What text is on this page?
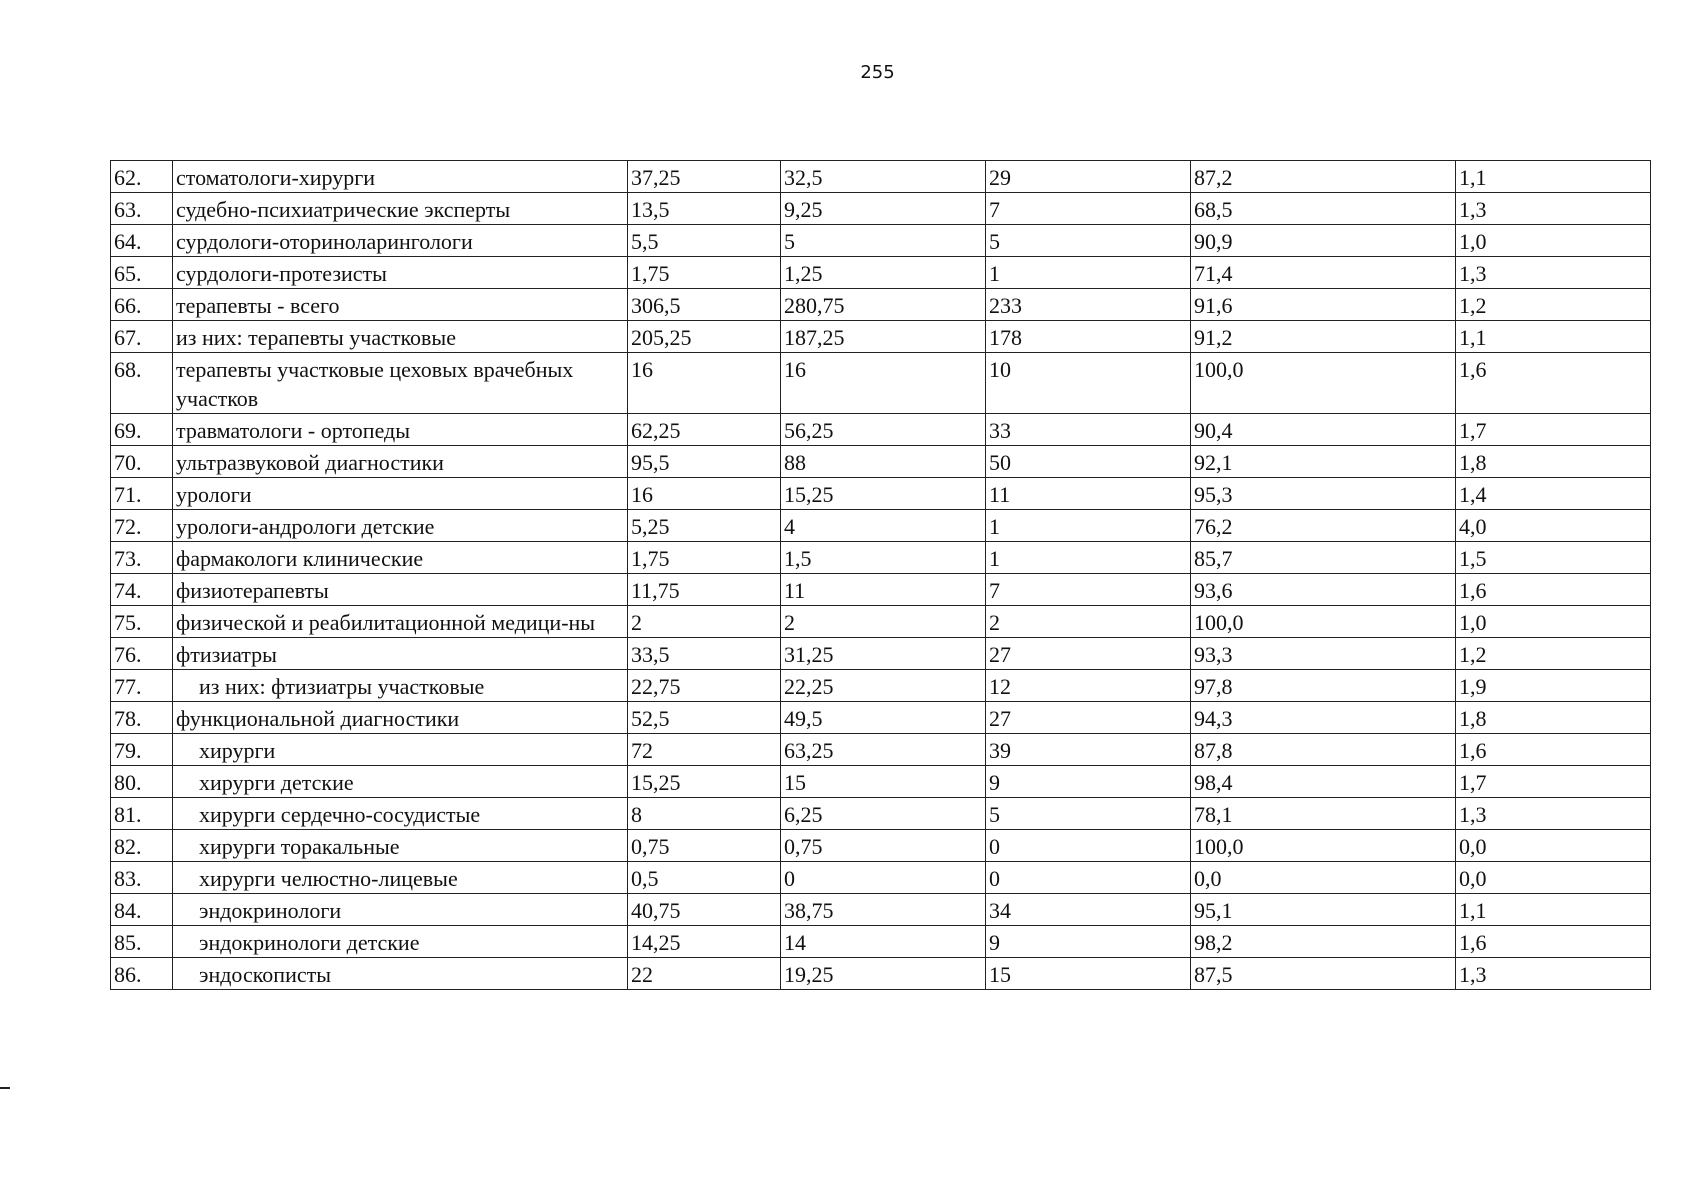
255
62.	стоматологи-хирурги	37,25	32,5	29	87,2	1,1
63.	судебно-психиатрические эксперты	13,5	9,25	7	68,5	1,3
64.	сурдологи-оториноларингологи	5,5	5	5	90,9	1,0
65.	сурдологи-протезисты	1,75	1,25	1	71,4	1,3
66.	терапевты - всего	306,5	280,75	233	91,6	1,2
67.	из них: терапевты участковые	205,25	187,25	178	91,2	1,1
68.	терапевты участковые цеховых врачебных участков	16	16	10	100,0	1,6
69.	травматологи - ортопеды	62,25	56,25	33	90,4	1,7
70.	ультразвуковой диагностики	95,5	88	50	92,1	1,8
71.	урологи	16	15,25	11	95,3	1,4
72.	урологи-андрологи детские	5,25	4	1	76,2	4,0
73.	фармакологи клинические	1,75	1,5	1	85,7	1,5
74.	физиотерапевты	11,75	11	7	93,6	1,6
75.	физической и реабилитационной медици-ны	2	2	2	100,0	1,0
76.	фтизиатры	33,5	31,25	27	93,3	1,2
77.	из них: фтизиатры участковые	22,75	22,25	12	97,8	1,9
78.	функциональной диагностики	52,5	49,5	27	94,3	1,8
79.	хирурги	72	63,25	39	87,8	1,6
80.	хирурги детские	15,25	15	9	98,4	1,7
81.	хирурги сердечно-сосудистые	8	6,25	5	78,1	1,3
82.	хирурги торакальные	0,75	0,75	0	100,0	0,0
83.	хирурги челюстно-лицевые	0,5	0	0	0,0	0,0
84.	эндокринологи	40,75	38,75	34	95,1	1,1
85.	эндокринологи детские	14,25	14	9	98,2	1,6
86.	эндоскописты	22	19,25	15	87,5	1,3
